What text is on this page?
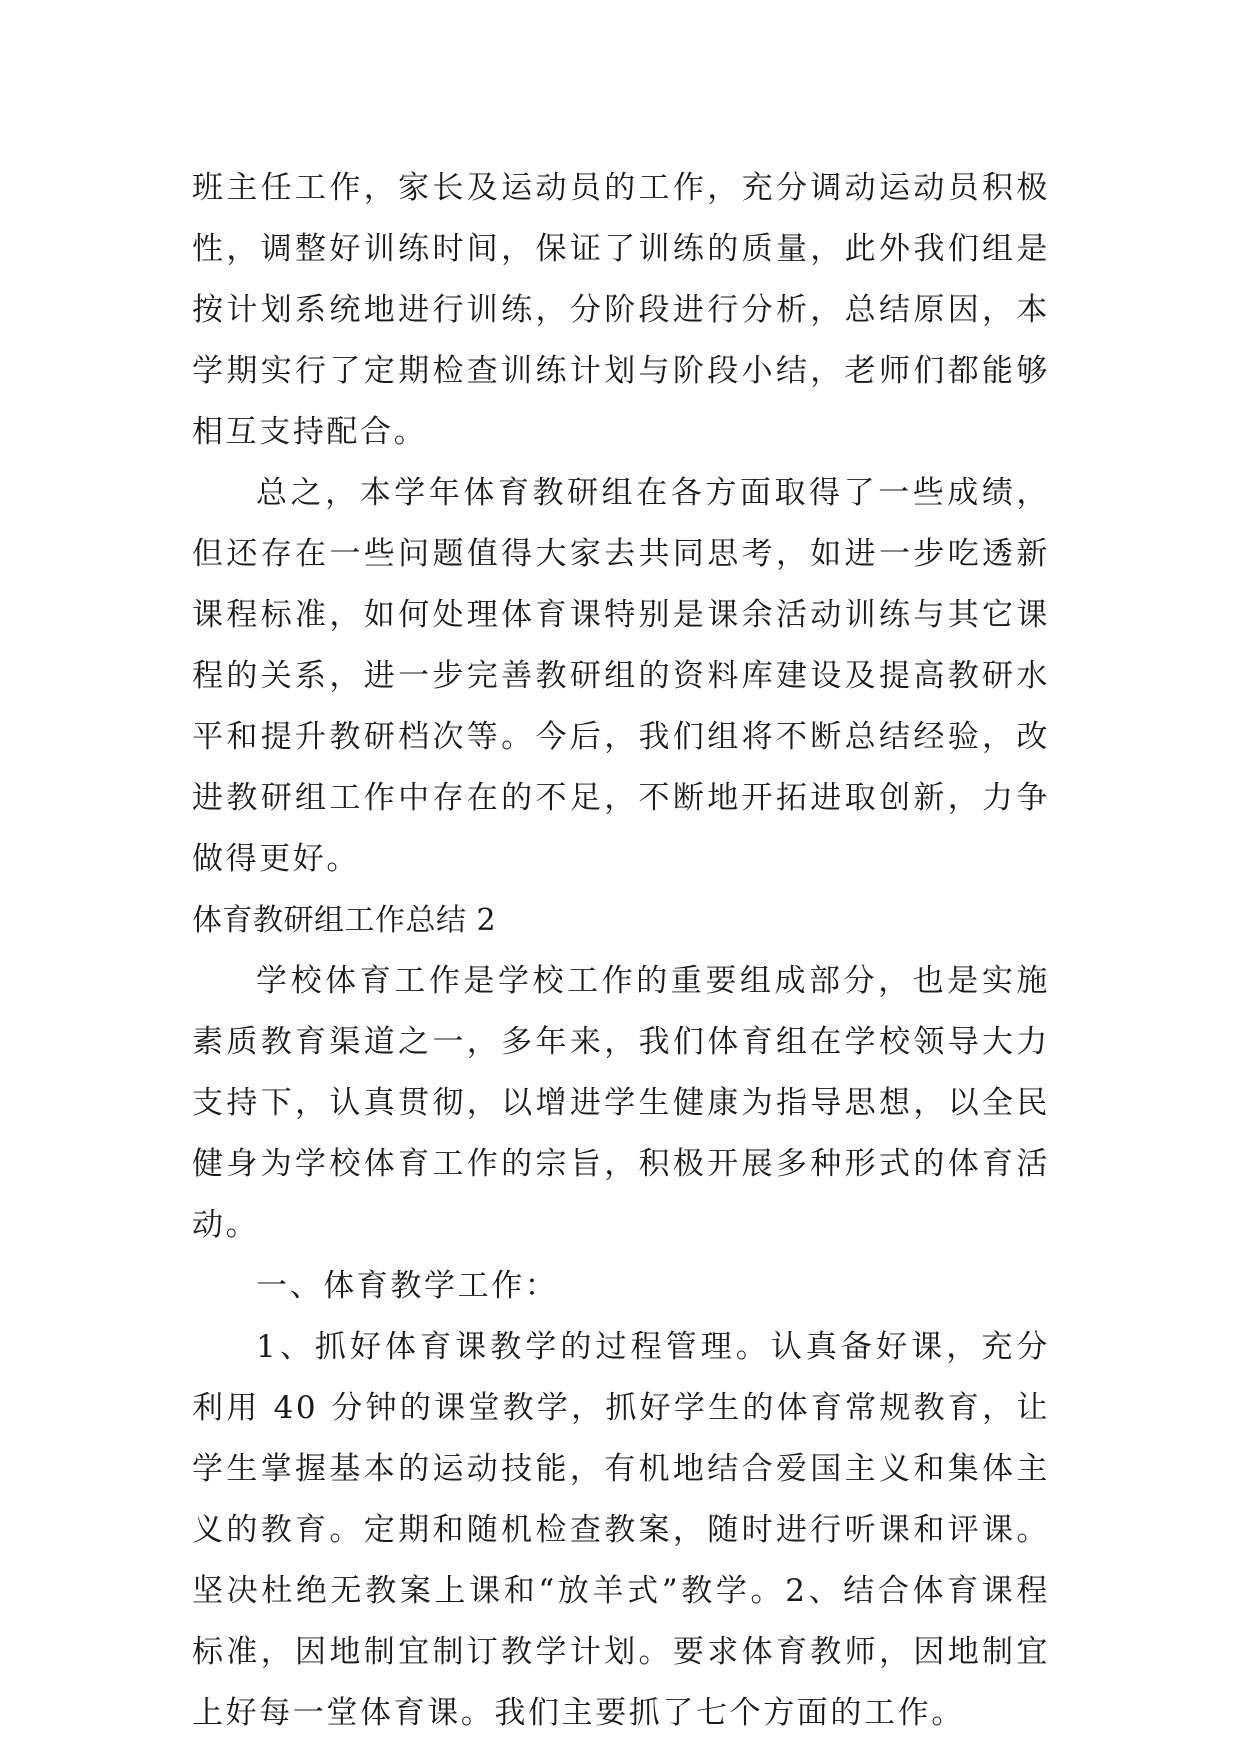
班主任工作，家长及运动员的工作，充分调动运动员积极性，调整好训练时间，保证了训练的质量，此外我们组是按计划系统地进行训练，分阶段进行分析，总结原因，本学期实行了定期检查训练计划与阶段小结，老师们都能够相互支持配合。

总之，本学年体育教研组在各方面取得了一些成绩，但还存在一些问题值得大家去共同思考，如进一步吃透新课程标准，如何处理体育课特别是课余活动训练与其它课程的关系，进一步完善教研组的资料库建设及提高教研水平和提升教研档次等。今后，我们组将不断总结经验，改进教研组工作中存在的不足，不断地开拓进取创新，力争做得更好。

体育教研组工作总结 2

学校体育工作是学校工作的重要组成部分，也是实施素质教育渠道之一，多年来，我们体育组在学校领导大力支持下，认真贯彻，以增进学生健康为指导思想，以全民健身为学校体育工作的宗旨，积极开展多种形式的体育活动。

一、体育教学工作：

1、抓好体育课教学的过程管理。认真备好课，充分利用 40 分钟的课堂教学，抓好学生的体育常规教育，让学生掌握基本的运动技能，有机地结合爱国主义和集体主义的教育。定期和随机检查教案，随时进行听课和评课。坚决杜绝无教案上课和“放羊式”教学。2、结合体育课程标准，因地制宜制订教学计划。要求体育教师，因地制宜上好每一堂体育课。我们主要抓了七个方面的工作。
